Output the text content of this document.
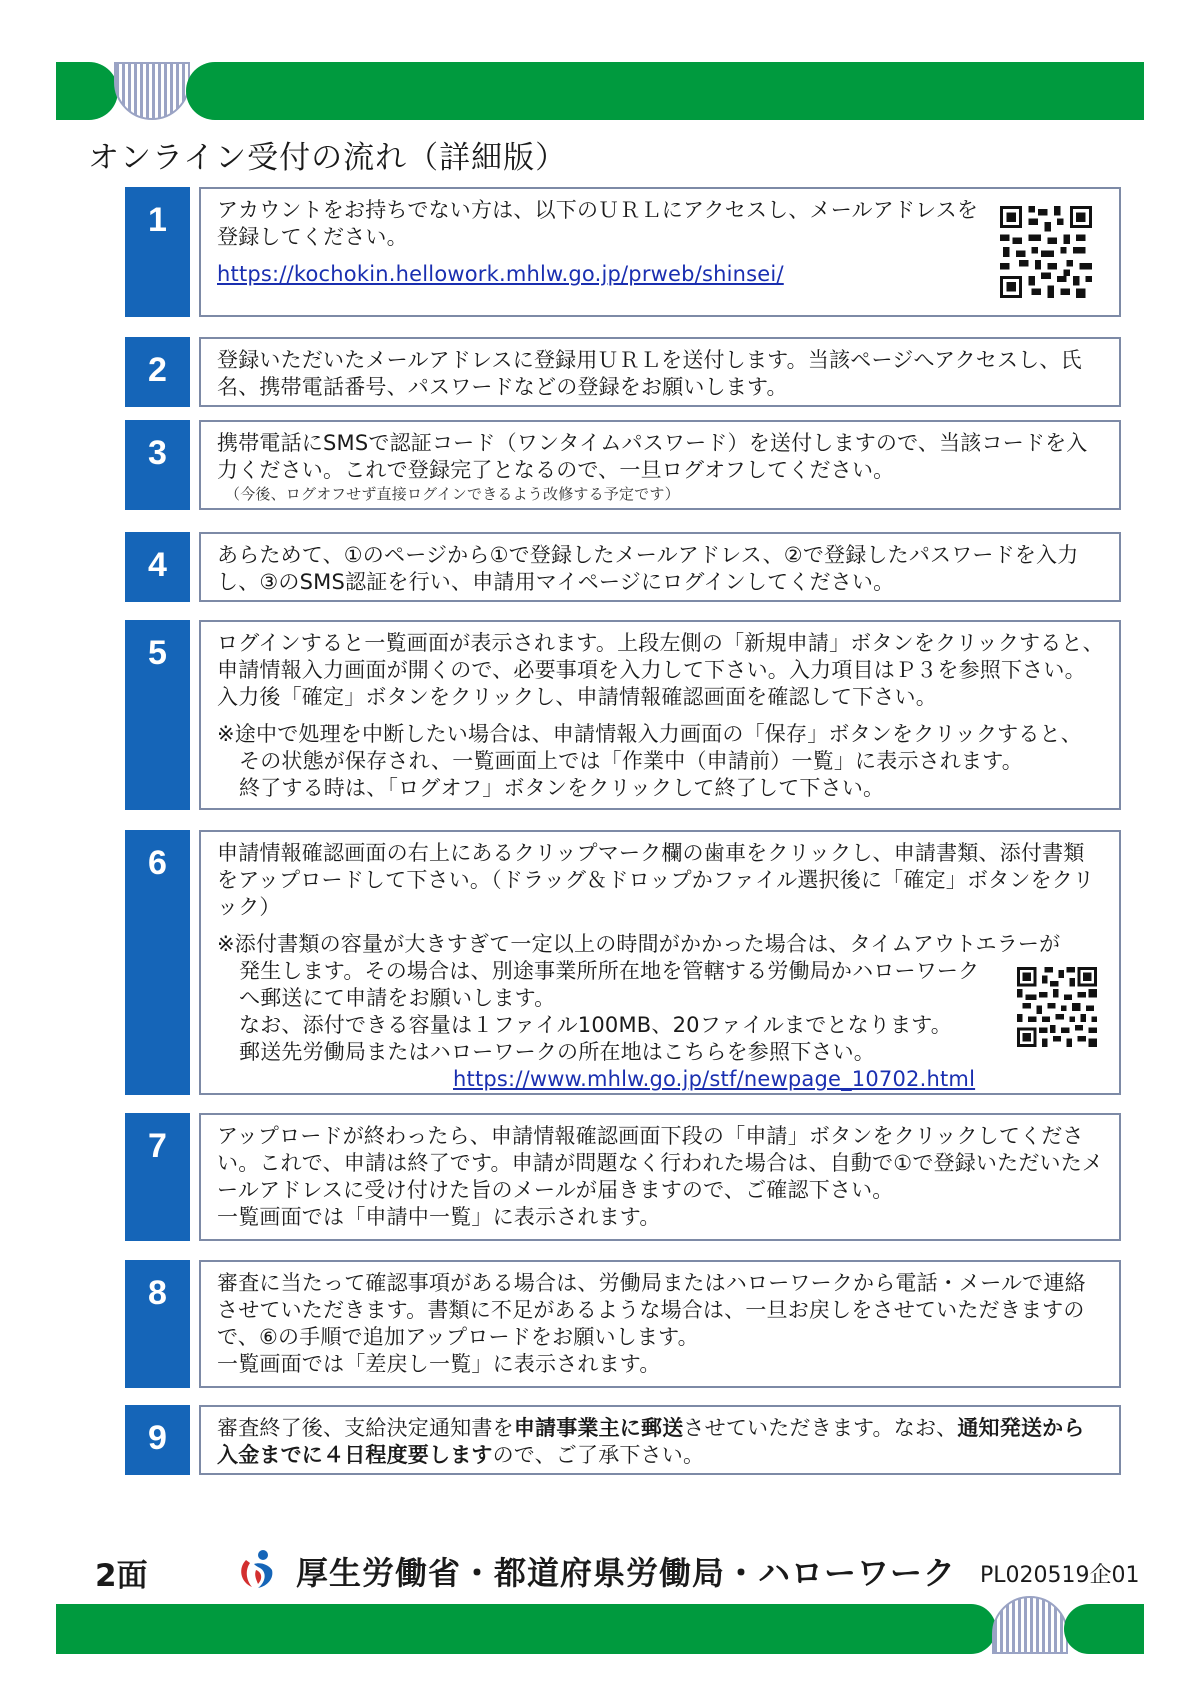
オンライン受付の流れ（詳細版）
1	アカウントをお持ちでない方は、以下のＵＲＬにアクセスし、メールアドレスを登録してください。

https://kochokin.hellowork.mhlw.go.jp/prweb/shinsei/

2	登録いただいたメールアドレスに登録用ＵＲＬを送付します。当該ページへアクセスし、氏名、携帯電話番号、パスワードなどの登録をお願いします。

3	携帯電話にSMSで認証コード（ワンタイムパスワード）を送付しますので、当該コードを入力ください。これで登録完了となるので、一旦ログオフしてください。

（今後、ログオフせず直接ログインできるよう改修する予定です）

4	あらためて、①のページから①で登録したメールアドレス、②で登録したパスワードを入力し、③のSMS認証を行い、申請用マイページにログインしてください。

5	ログインすると一覧画面が表示されます。上段左側の「新規申請」ボタンをクリックすると、申請情報入力画面が開くので、必要事項を入力して下さい。入力項目はＰ３を参照下さい。入力後「確定」ボタンをクリックし、申請情報確認画面を確認して下さい。

※途中で処理を中断したい場合は、申請情報入力画面の「保存」ボタンをクリックすると、

その状態が保存され、一覧画面上では「作業中（申請前）一覧」に表示されます。

終了する時は、「ログオフ」ボタンをクリックして終了して下さい。

6	申請情報確認画面の右上にあるクリップマーク欄の歯車をクリックし、申請書類、添付書類をアップロードして下さい。（ドラッグ＆ドロップかファイル選択後に「確定」ボタンをクリック）

※添付書類の容量が大きすぎて一定以上の時間がかかった場合は、タイムアウトエラーが

発生します。その場合は、別途事業所所在地を管轄する労働局かハローワーク

へ郵送にて申請をお願いします。

なお、添付できる容量は１ファイル100MB、20ファイルまでとなります。

郵送先労働局またはハローワークの所在地はこちらを参照下さい。

https://www.mhlw.go.jp/stf/newpage_10702.html

7	アップロードが終わったら、申請情報確認画面下段の「申請」ボタンをクリックしてください。これで、申請は終了です。申請が問題なく行われた場合は、自動で①で登録いただいたメールアドレスに受け付けた旨のメールが届きますので、ご確認下さい。

一覧画面では「申請中一覧」に表示されます。

8	審査に当たって確認事項がある場合は、労働局またはハローワークから電話・メールで連絡させていただきます。書類に不足があるような場合は、一旦お戻しをさせていただきますので、⑥の手順で追加アップロードをお願いします。

一覧画面では「差戻し一覧」に表示されます。

9	審査終了後、支給決定通知書を申請事業主に郵送させていただきます。なお、通知発送から入金までに４日程度要しますので、ご了承下さい。

2面	厚生労働省・都道府県労働局・ハローワーク PL020519企01
